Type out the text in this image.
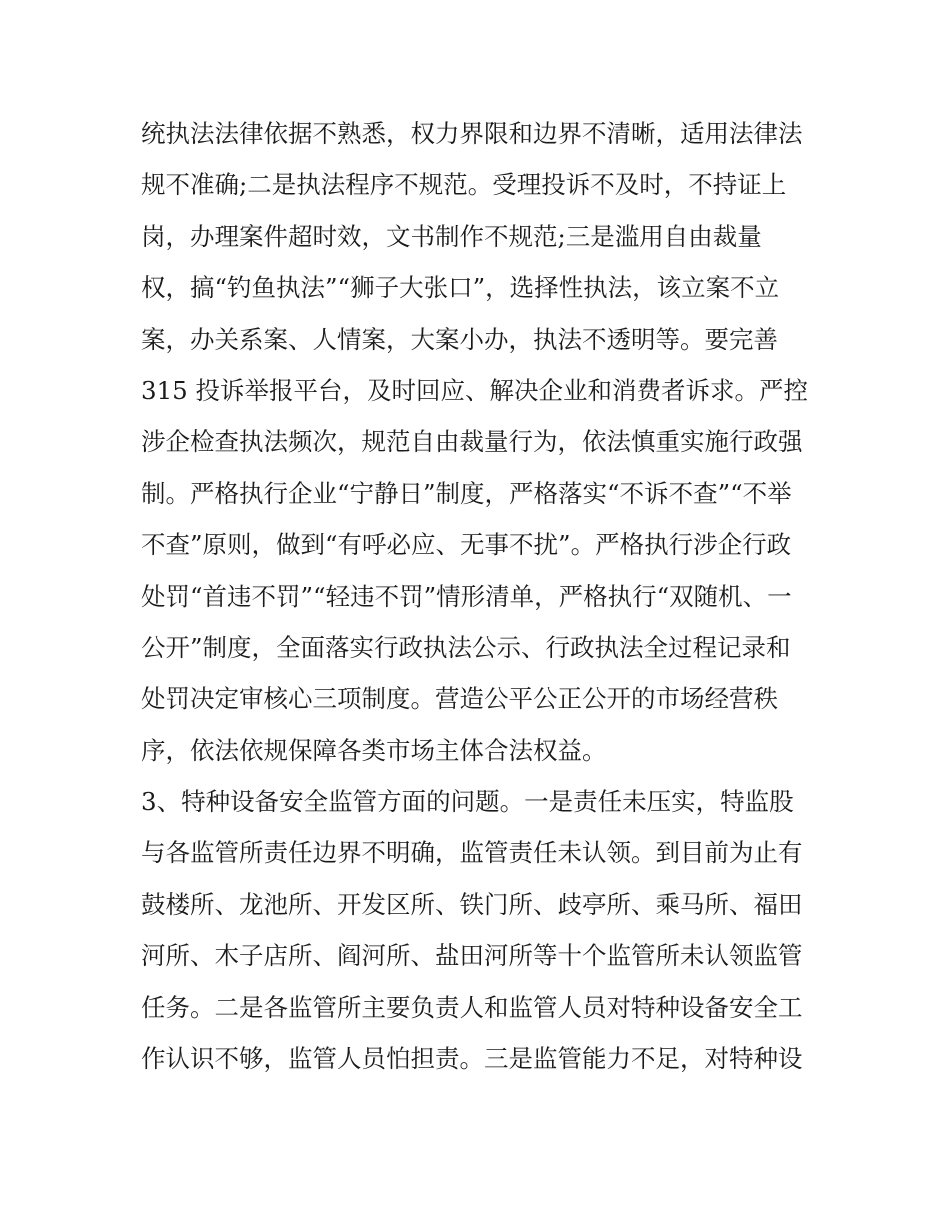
统执法法律依据不熟悉，权力界限和边界不清晰，适用法律法
规不准确;二是执法程序不规范。受理投诉不及时，不持证上
岗，办理案件超时效，文书制作不规范;三是滥用自由裁量
权，搞“钓鱼执法”“狮子大张口”，选择性执法，该立案不立
案，办关系案、人情案，大案小办，执法不透明等。要完善
315 投诉举报平台，及时回应、解决企业和消费者诉求。严控
涉企检查执法频次，规范自由裁量行为，依法慎重实施行政强
制。严格执行企业“宁静日”制度，严格落实“不诉不查”“不举
不查”原则，做到“有呼必应、无事不扰”。严格执行涉企行政
处罚“首违不罚”“轻违不罚”情形清单，严格执行“双随机、一
公开”制度，全面落实行政执法公示、行政执法全过程记录和
处罚决定审核心三项制度。营造公平公正公开的市场经营秩
序，依法依规保障各类市场主体合法权益。
3、特种设备安全监管方面的问题。一是责任未压实，特监股
与各监管所责任边界不明确，监管责任未认领。到目前为止有
鼓楼所、龙池所、开发区所、铁门所、歧亭所、乘马所、福田
河所、木子店所、阎河所、盐田河所等十个监管所未认领监管
任务。二是各监管所主要负责人和监管人员对特种设备安全工
作认识不够，监管人员怕担责。三是监管能力不足，对特种设
